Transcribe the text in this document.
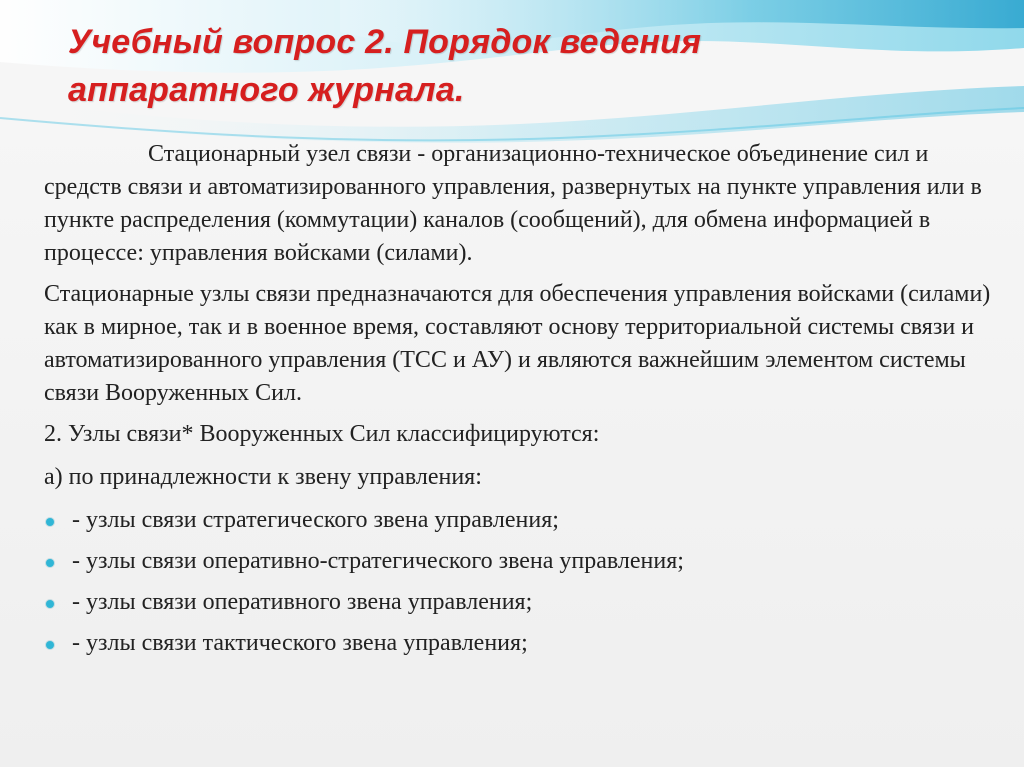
Учебный вопрос 2. Порядок ведения
аппаратного журнала.

Стационарный узел связи - организационно-техническое объединение сил и средств связи и автоматизированного управления, развернутых на пункте управления или в пункте распределения (коммутации) каналов (сообщений), для обмена информацией в процессе: управления войсками (силами).

Стационарные узлы связи предназначаются для обеспечения управления войсками (силами) как в мирное, так и в военное время, составляют основу территориальной системы связи и автоматизированного управления (ТСС и АУ) и являются важнейшим элементом системы связи Вооруженных Сил.

2. Узлы связи* Вооруженных Сил классифицируются:

а) по принадлежности к звену управления:

- узлы связи стратегического звена управления;
- узлы связи оперативно-стратегического звена управления;
- узлы связи оперативного звена управления;
- узлы связи тактического звена управления;
